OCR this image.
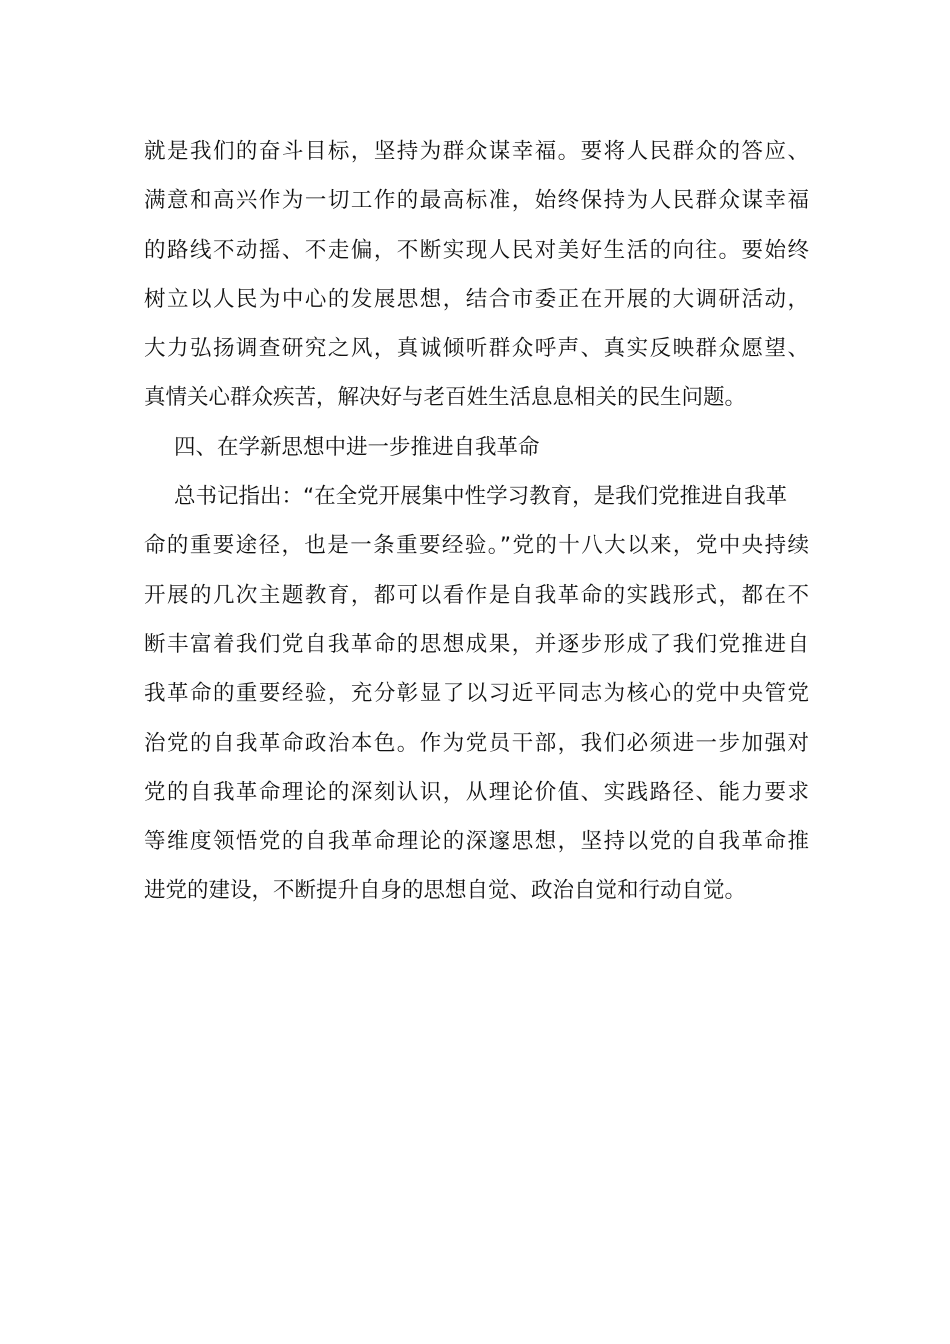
就是我们的奋斗目标，坚持为群众谋幸福。要将人民群众的答应、
满意和高兴作为一切工作的最高标准，始终保持为人民群众谋幸福
的路线不动摇、不走偏，不断实现人民对美好生活的向往。要始终
树立以人民为中心的发展思想，结合市委正在开展的大调研活动，
大力弘扬调查研究之风，真诚倾听群众呼声、真实反映群众愿望、
真情关心群众疾苦，解决好与老百姓生活息息相关的民生问题。
四、在学新思想中进一步推进自我革命
总书记指出：“在全党开展集中性学习教育，是我们党推进自我革
命的重要途径，也是一条重要经验。”党的十八大以来，党中央持续
开展的几次主题教育，都可以看作是自我革命的实践形式，都在不
断丰富着我们党自我革命的思想成果，并逐步形成了我们党推进自
我革命的重要经验，充分彰显了以习近平同志为核心的党中央管党
治党的自我革命政治本色。作为党员干部，我们必须进一步加强对
党的自我革命理论的深刻认识，从理论价值、实践路径、能力要求
等维度领悟党的自我革命理论的深邃思想，坚持以党的自我革命推
进党的建设，不断提升自身的思想自觉、政治自觉和行动自觉。
